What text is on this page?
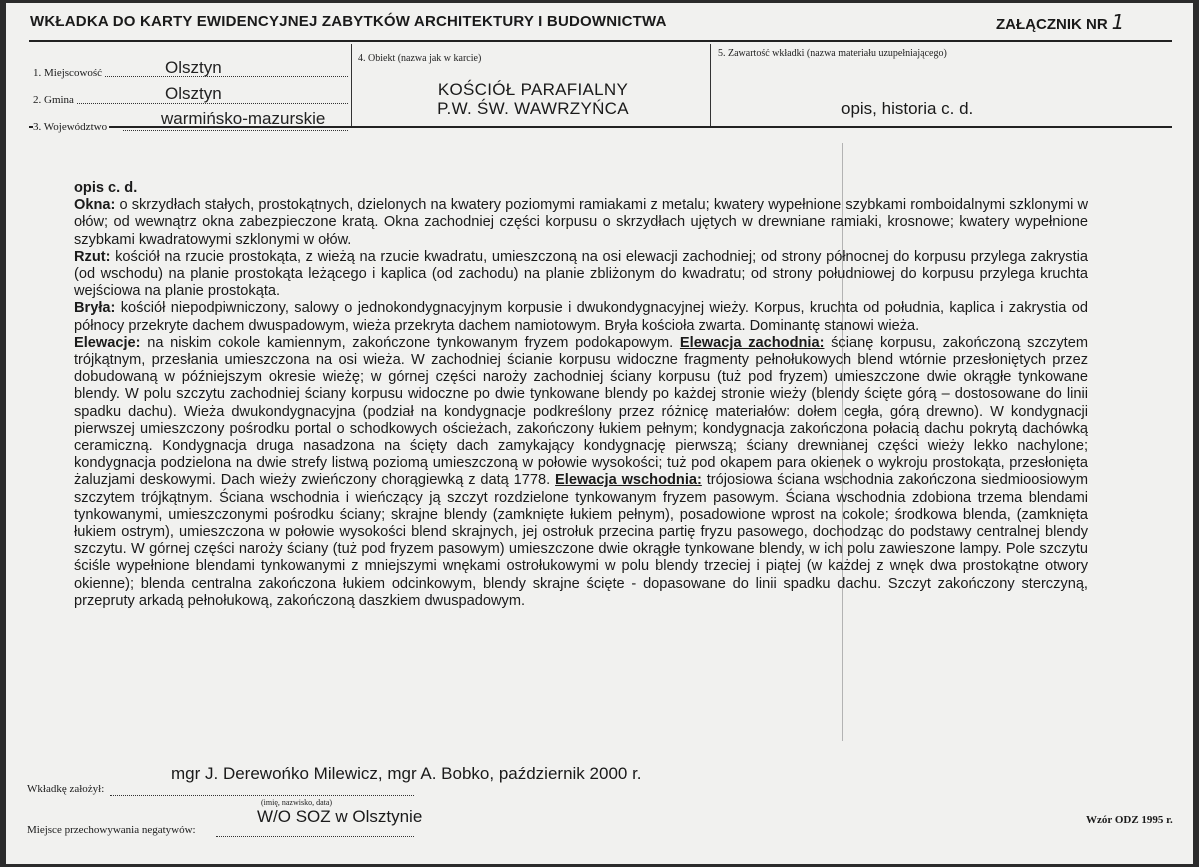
WKŁADKA DO KARTY EWIDENCYJNEJ ZABYTKÓW ARCHITEKTURY I BUDOWNICTWA	ZAŁĄCZNIK NR 1
1. Miejscowość	Olsztyn
2. Gmina	Olsztyn
3. Województwo	warmińsko-mazurskie
4. Obiekt (nazwa jak w karcie)
KOŚCIÓŁ PARAFIALNY
P.W. ŚW. WAWRZYŃCA
5. Zawartość wkładki (nazwa materiału uzupełniającego)
opis, historia c. d.

opis c. d.

Okna: o skrzydłach stałych, prostokątnych, dzielonych na kwatery poziomymi ramiakami z metalu; kwatery wypełnione szybkami romboidalnymi szklonymi w ołów; od wewnątrz okna zabezpieczone kratą. Okna zachodniej części korpusu o skrzydłach ujętych w drewniane ramiaki, krosnowe; kwatery wypełnione szybkami kwadratowymi szklonymi w ołów.

Rzut: kościół na rzucie prostokąta, z wieżą na rzucie kwadratu, umieszczoną na osi elewacji zachodniej; od strony północnej do korpusu przylega zakrystia (od wschodu) na planie prostokąta leżącego i kaplica (od zachodu) na planie zbliżonym do kwadratu; od strony południowej do korpusu przylega kruchta wejściowa na planie prostokąta.

Bryła: kościół niepodpiwniczony, salowy o jednokondygnacyjnym korpusie i dwukondygnacyjnej wieży. Korpus, kruchta od południa, kaplica i zakrystia od północy przekryte dachem dwuspadowym, wieża przekryta dachem namiotowym. Bryła kościoła zwarta. Dominantę stanowi wieża.

Elewacje: na niskim cokole kamiennym, zakończone tynkowanym fryzem podokapowym. Elewacja zachodnia: ścianę korpusu, zakończoną szczytem trójkątnym, przesłania umieszczona na osi wieża. W zachodniej ścianie korpusu widoczne fragmenty pełnołukowych blend wtórnie przesłoniętych przez dobudowaną w późniejszym okresie wieżę; w górnej części naroży zachodniej ściany korpusu (tuż pod fryzem) umieszczone dwie okrągłe tynkowane blendy. W polu szczytu zachodniej ściany korpusu widoczne po dwie tynkowane blendy po każdej stronie wieży (blendy ścięte górą – dostosowane do linii spadku dachu). Wieża dwukondygnacyjna (podział na kondygnacje podkreślony przez różnicę materiałów: dołem cegła, górą drewno). W kondygnacji pierwszej umieszczony pośrodku portal o schodkowych ościeżach, zakończony łukiem pełnym; kondygnacja zakończona połacią dachu pokrytą dachówką ceramiczną. Kondygnacja druga nasadzona na ścięty dach zamykający kondygnację pierwszą; ściany drewnianej części wieży lekko nachylone; kondygnacja podzielona na dwie strefy listwą poziomą umieszczoną w połowie wysokości; tuż pod okapem para okienek o wykroju prostokąta, przesłonięta żaluzjami deskowymi. Dach wieży zwieńczony chorągiewką z datą 1778. Elewacja wschodnia: trójosiowa ściana wschodnia zakończona siedmioosiowym szczytem trójkątnym. Ściana wschodnia i wieńczący ją szczyt rozdzielone tynkowanym fryzem pasowym. Ściana wschodnia zdobiona trzema blendami tynkowanymi, umieszczonymi pośrodku ściany; skrajne blendy (zamknięte łukiem pełnym), posadowione wprost na cokole; środkowa blenda, (zamknięta łukiem ostrym), umieszczona w połowie wysokości blend skrajnych, jej ostrołuk przecina partię fryzu pasowego, dochodząc do podstawy centralnej blendy szczytu. W górnej części naroży ściany (tuż pod fryzem pasowym) umieszczone dwie okrągłe tynkowane blendy, w ich polu zawieszone lampy. Pole szczytu ściśle wypełnione blendami tynkowanymi z mniejszymi wnękami ostrołukowymi w polu blendy trzeciej i piątej (w każdej z wnęk dwa prostokątne otwory okienne); blenda centralna zakończona łukiem odcinkowym, blendy skrajne ścięte - dopasowane do linii spadku dachu. Szczyt zakończony sterczyną, przepruty arkadą pełnołukową, zakończoną daszkiem dwuspadowym.

mgr J. Derewońko Milewicz, mgr A. Bobko, październik 2000 r.
Wkładkę założył:
(imię, nazwisko, data)
W/O SOZ w Olsztynie
Miejsce przechowywania negatywów:
Wzór ODZ 1995 r.
